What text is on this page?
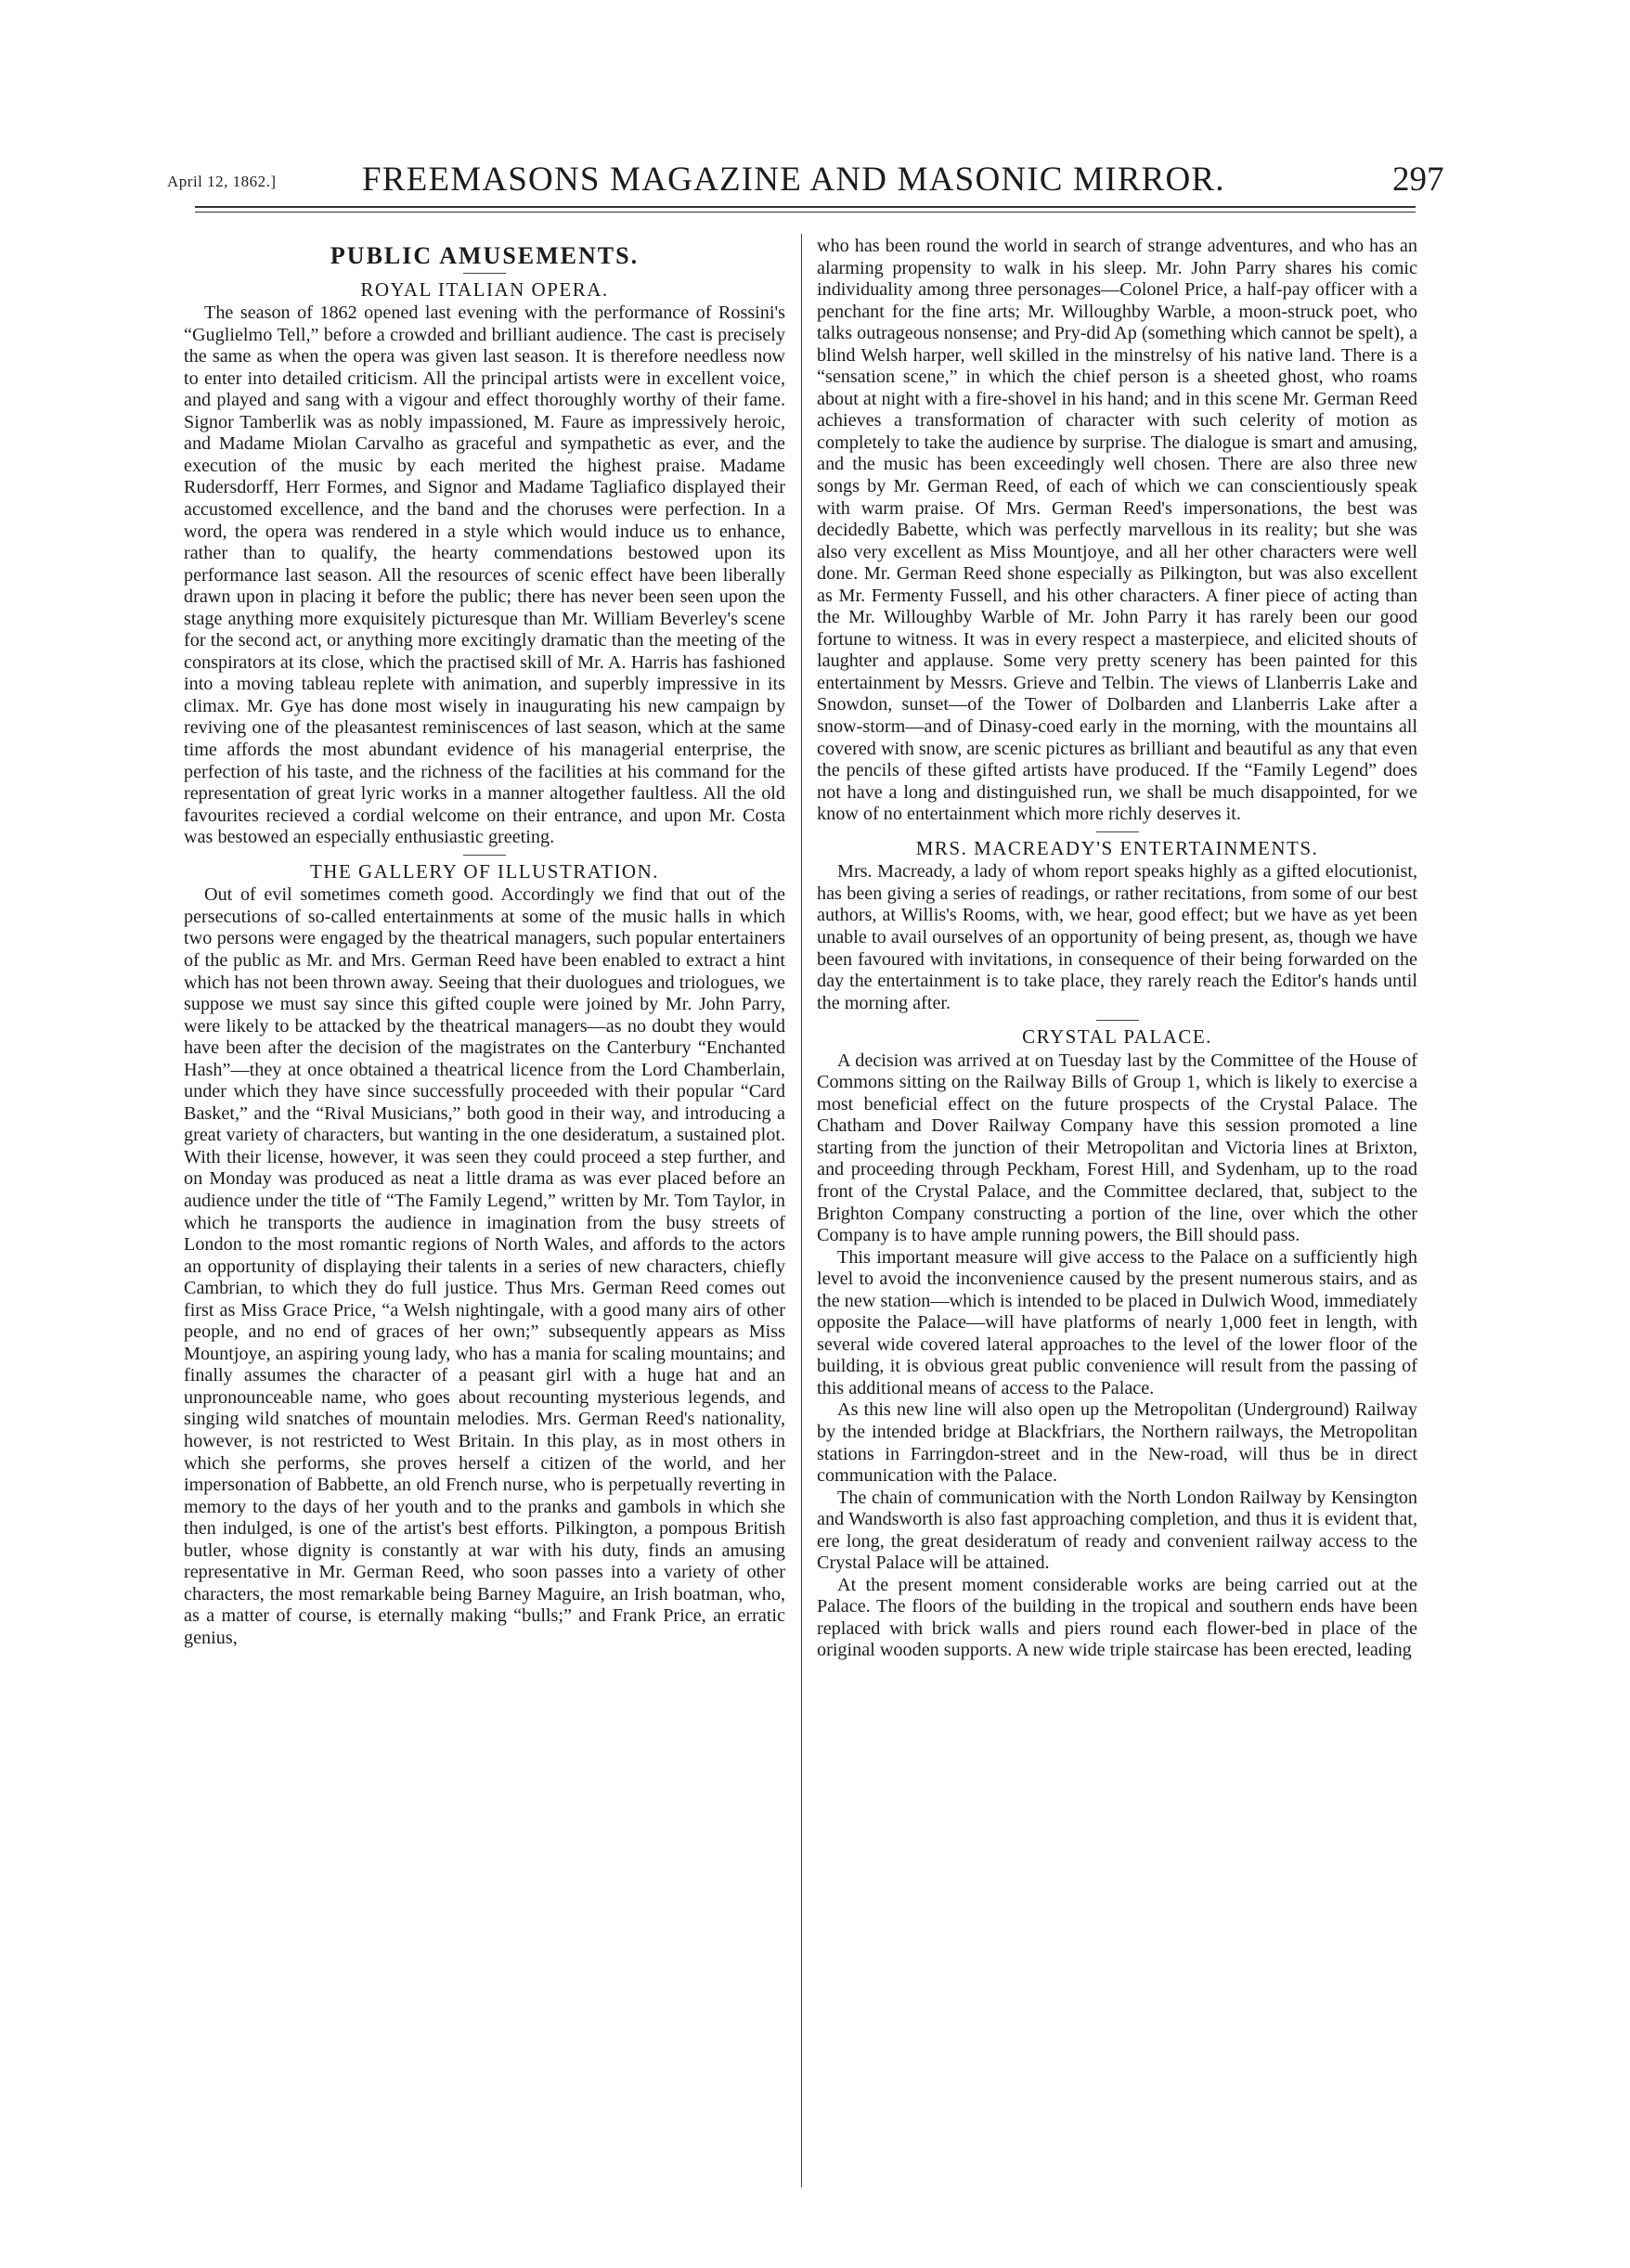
April 12, 1862.] FREEMASONS MAGAZINE AND MASONIC MIRROR.	297
PUBLIC AMUSEMENTS.
ROYAL ITALIAN OPERA.

The season of 1862 opened last evening with the performance of Rossini's “Guglielmo Tell,” before a crowded and brilliant audience. The cast is precisely the same as when the opera was given last season. It is therefore needless now to enter into detailed criticism. All the principal artists were in excellent voice, and played and sang with a vigour and effect thoroughly worthy of their fame. Signor Tamberlik was as nobly impassioned, M. Faure as impressively heroic, and Madame Miolan Carvalho as graceful and sympathetic as ever, and the execution of the music by each merited the highest praise. Madame Rudersdorff, Herr Formes, and Signor and Madame Tagliafico displayed their accustomed excellence, and the band and the choruses were perfection. In a word, the opera was rendered in a style which would induce us to enhance, rather than to qualify, the hearty commendations bestowed upon its performance last season. All the resources of scenic effect have been liberally drawn upon in placing it before the public; there has never been seen upon the stage anything more exquisitely picturesque than Mr. William Beverley's scene for the second act, or anything more excitingly dramatic than the meeting of the conspirators at its close, which the practised skill of Mr. A. Harris has fashioned into a moving tableau replete with animation, and superbly impressive in its climax. Mr. Gye has done most wisely in inaugurating his new campaign by reviving one of the pleasantest reminiscences of last season, which at the same time affords the most abundant evidence of his managerial enterprise, the perfection of his taste, and the richness of the facilities at his command for the representation of great lyric works in a manner altogether faultless. All the old favourites recieved a cordial welcome on their entrance, and upon Mr. Costa was bestowed an especially enthusiastic greeting.

THE GALLERY OF ILLUSTRATION.

Out of evil sometimes cometh good. Accordingly we find that out of the persecutions of so-called entertainments at some of the music halls in which two persons were engaged by the theatrical managers, such popular entertainers of the public as Mr. and Mrs. German Reed have been enabled to extract a hint which has not been thrown away. Seeing that their duologues and triologues, we suppose we must say since this gifted couple were joined by Mr. John Parry, were likely to be attacked by the theatrical managers—as no doubt they would have been after the decision of the magistrates on the Canterbury “Enchanted Hash”—they at once obtained a theatrical licence from the Lord Chamberlain, under which they have since successfully proceeded with their popular “Card Basket,” and the “Rival Musicians,” both good in their way, and introducing a great variety of characters, but wanting in the one desideratum, a sustained plot. With their license, however, it was seen they could proceed a step further, and on Monday was produced as neat a little drama as was ever placed before an audience under the title of “The Family Legend,” written by Mr. Tom Taylor, in which he transports the audience in imagination from the busy streets of London to the most romantic regions of North Wales, and affords to the actors an opportunity of displaying their talents in a series of new characters, chiefly Cambrian, to which they do full justice. Thus Mrs. German Reed comes out first as Miss Grace Price, “a Welsh nightingale, with a good many airs of other people, and no end of graces of her own;” subsequently appears as Miss Mountjoye, an aspiring young lady, who has a mania for scaling mountains; and finally assumes the character of a peasant girl with a huge hat and an unpronounceable name, who goes about recounting mysterious legends, and singing wild snatches of mountain melodies. Mrs. German Reed's nationality, however, is not restricted to West Britain. In this play, as in most others in which she performs, she proves herself a citizen of the world, and her impersonation of Babbette, an old French nurse, who is perpetually reverting in memory to the days of her youth and to the pranks and gambols in which she then indulged, is one of the artist's best efforts. Pilkington, a pompous British butler, whose dignity is constantly at war with his duty, finds an amusing representative in Mr. German Reed, who soon passes into a variety of other characters, the most remarkable being Barney Maguire, an Irish boatman, who, as a matter of course, is eternally making “bulls;” and Frank Price, an erratic genius,

who has been round the world in search of strange adventures, and who has an alarming propensity to walk in his sleep. Mr. John Parry shares his comic individuality among three personages—Colonel Price, a half-pay officer with a penchant for the fine arts; Mr. Willoughby Warble, a moon-struck poet, who talks outrageous nonsense; and Pry-did Ap (something which cannot be spelt), a blind Welsh harper, well skilled in the minstrelsy of his native land. There is a “sensation scene,” in which the chief person is a sheeted ghost, who roams about at night with a fire-shovel in his hand; and in this scene Mr. German Reed achieves a transformation of character with such celerity of motion as completely to take the audience by surprise. The dialogue is smart and amusing, and the music has been exceedingly well chosen. There are also three new songs by Mr. German Reed, of each of which we can conscientiously speak with warm praise. Of Mrs. German Reed's impersonations, the best was decidedly Babette, which was perfectly marvellous in its reality; but she was also very excellent as Miss Mountjoye, and all her other characters were well done. Mr. German Reed shone especially as Pilkington, but was also excellent as Mr. Fermenty Fussell, and his other characters. A finer piece of acting than the Mr. Willoughby Warble of Mr. John Parry it has rarely been our good fortune to witness. It was in every respect a masterpiece, and elicited shouts of laughter and applause. Some very pretty scenery has been painted for this entertainment by Messrs. Grieve and Telbin. The views of Llanberris Lake and Snowdon, sunset—of the Tower of Dolbarden and Llanberris Lake after a snow-storm—and of Dinasy-coed early in the morning, with the mountains all covered with snow, are scenic pictures as brilliant and beautiful as any that even the pencils of these gifted artists have produced. If the “Family Legend” does not have a long and distinguished run, we shall be much disappointed, for we know of no entertainment which more richly deserves it.

MRS. MACREADY'S ENTERTAINMENTS.

Mrs. Macready, a lady of whom report speaks highly as a gifted elocutionist, has been giving a series of readings, or rather recitations, from some of our best authors, at Willis's Rooms, with, we hear, good effect; but we have as yet been unable to avail ourselves of an opportunity of being present, as, though we have been favoured with invitations, in consequence of their being forwarded on the day the entertainment is to take place, they rarely reach the Editor's hands until the morning after.

CRYSTAL PALACE.

A decision was arrived at on Tuesday last by the Committee of the House of Commons sitting on the Railway Bills of Group 1, which is likely to exercise a most beneficial effect on the future prospects of the Crystal Palace. The Chatham and Dover Railway Company have this session promoted a line starting from the junction of their Metropolitan and Victoria lines at Brixton, and proceeding through Peckham, Forest Hill, and Sydenham, up to the road front of the Crystal Palace, and the Committee declared, that, subject to the Brighton Company constructing a portion of the line, over which the other Company is to have ample running powers, the Bill should pass.

This important measure will give access to the Palace on a sufficiently high level to avoid the inconvenience caused by the present numerous stairs, and as the new station—which is intended to be placed in Dulwich Wood, immediately opposite the Palace—will have platforms of nearly 1,000 feet in length, with several wide covered lateral approaches to the level of the lower floor of the building, it is obvious great public convenience will result from the passing of this additional means of access to the Palace.

As this new line will also open up the Metropolitan (Underground) Railway by the intended bridge at Blackfriars, the Northern railways, the Metropolitan stations in Farringdon-street and in the New-road, will thus be in direct communication with the Palace.

The chain of communication with the North London Railway by Kensington and Wandsworth is also fast approaching completion, and thus it is evident that, ere long, the great desideratum of ready and convenient railway access to the Crystal Palace will be attained.

At the present moment considerable works are being carried out at the Palace. The floors of the building in the tropical and southern ends have been replaced with brick walls and piers round each flower-bed in place of the original wooden supports. A new wide triple staircase has been erected, leading
